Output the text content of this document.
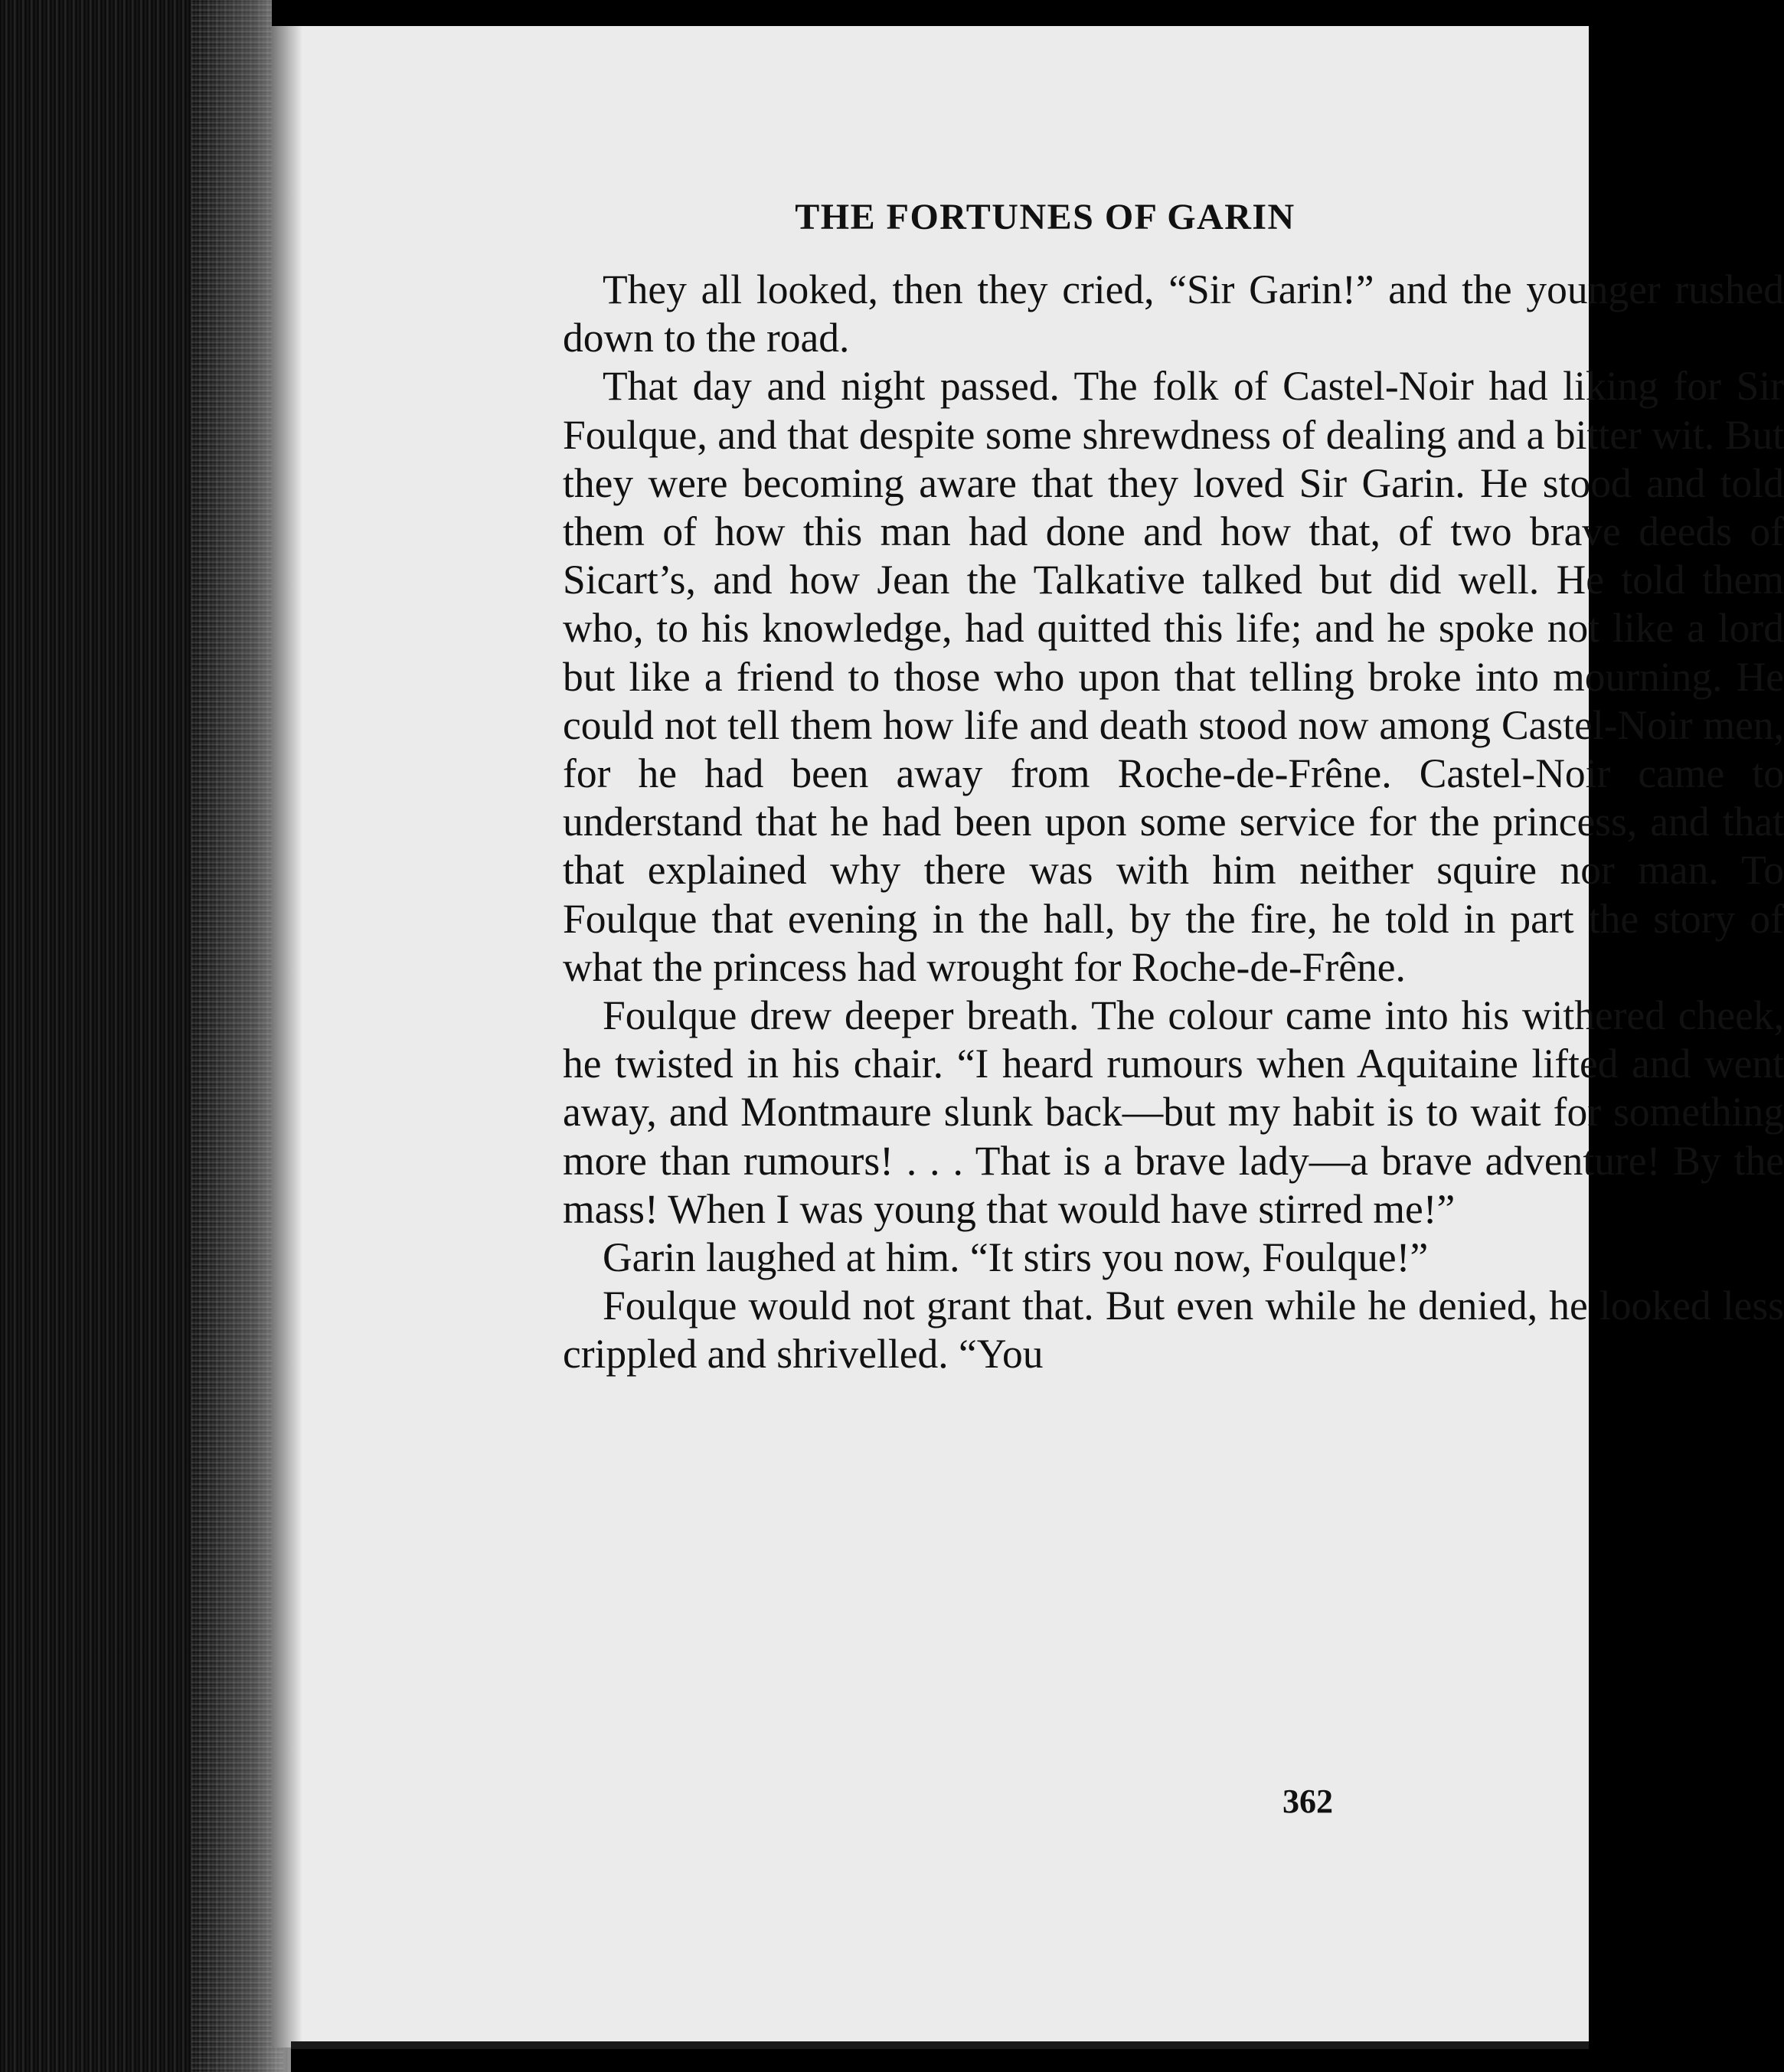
THE FORTUNES OF GARIN

They all looked, then they cried, “Sir Garin!” and the younger rushed down to the road.

That day and night passed. The folk of Castel-Noir had liking for Sir Foulque, and that despite some shrewdness of dealing and a bitter wit. But they were becoming aware that they loved Sir Garin. He stood and told them of how this man had done and how that, of two brave deeds of Sicart’s, and how Jean the Talkative talked but did well. He told them who, to his knowledge, had quitted this life; and he spoke not like a lord but like a friend to those who upon that telling broke into mourning. He could not tell them how life and death stood now among Castel-Noir men, for he had been away from Roche-de-Frêne. Castel-Noir came to understand that he had been upon some service for the princess, and that that explained why there was with him neither squire nor man. To Foulque that evening in the hall, by the fire, he told in part the story of what the princess had wrought for Roche-de-Frêne.

Foulque drew deeper breath. The colour came into his withered cheek, he twisted in his chair. “I heard rumours when Aquitaine lifted and went away, and Montmaure slunk back—but my habit is to wait for something more than rumours! . . . That is a brave lady—a brave adventure! By the mass! When I was young that would have stirred me!”

Garin laughed at him. “It stirs you now, Foulque!”

Foulque would not grant that. But even while he denied, he looked less crippled and shrivelled. “You

362
